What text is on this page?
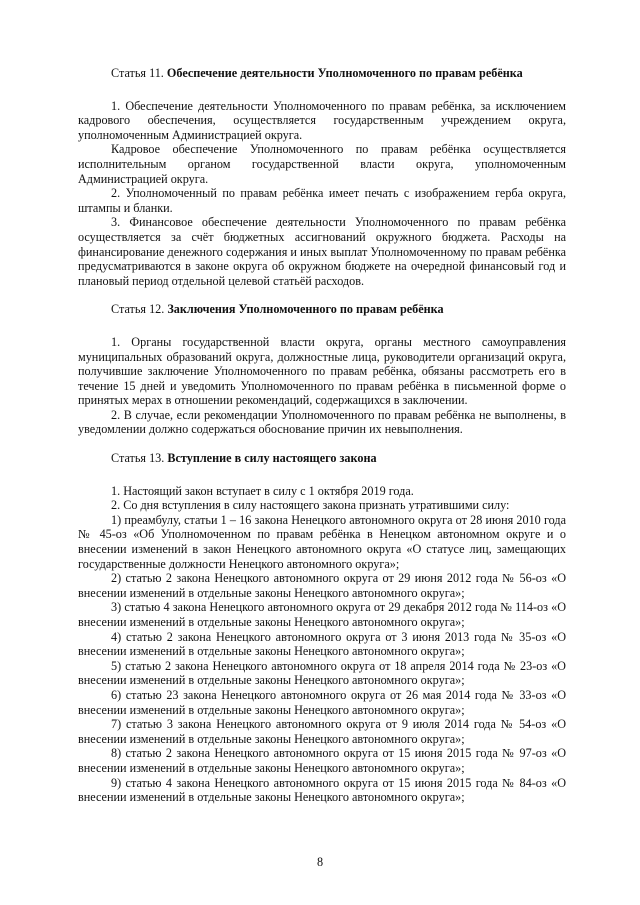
Статья 11. Обеспечение деятельности Уполномоченного по правам ребёнка

1. Обеспечение деятельности Уполномоченного по правам ребёнка, за исключением кадрового обеспечения, осуществляется государственным учреждением округа, уполномоченным Администрацией округа.

Кадровое обеспечение Уполномоченного по правам ребёнка осуществляется исполнительным органом государственной власти округа, уполномоченным Администрацией округа.

2. Уполномоченный по правам ребёнка имеет печать с изображением герба округа, штампы и бланки.

3. Финансовое обеспечение деятельности Уполномоченного по правам ребёнка осуществляется за счёт бюджетных ассигнований окружного бюджета. Расходы на финансирование денежного содержания и иных выплат Уполномоченному по правам ребёнка предусматриваются в законе округа об окружном бюджете на очередной финансовый год и плановый период отдельной целевой статьёй расходов.

Статья 12. Заключения Уполномоченного по правам ребёнка

1. Органы государственной власти округа, органы местного самоуправления муниципальных образований округа, должностные лица, руководители организаций округа, получившие заключение Уполномоченного по правам ребёнка, обязаны рассмотреть его в течение 15 дней и уведомить Уполномоченного по правам ребёнка в письменной форме о принятых мерах в отношении рекомендаций, содержащихся в заключении.

2. В случае, если рекомендации Уполномоченного по правам ребёнка не выполнены, в уведомлении должно содержаться обоснование причин их невыполнения.

Статья 13. Вступление в силу настоящего закона

1. Настоящий закон вступает в силу с 1 октября 2019 года.

2. Со дня вступления в силу настоящего закона признать утратившими силу:

1) преамбулу, статьи 1 – 16 закона Ненецкого автономного округа от 28 июня 2010 года № 45-оз «Об Уполномоченном по правам ребёнка в Ненецком автономном округе и о внесении изменений в закон Ненецкого автономного округа «О статусе лиц, замещающих государственные должности Ненецкого автономного округа»;

2) статью 2 закона Ненецкого автономного округа от 29 июня 2012 года № 56-оз «О внесении изменений в отдельные законы Ненецкого автономного округа»;

3) статью 4 закона Ненецкого автономного округа от 29 декабря 2012 года № 114-оз «О внесении изменений в отдельные законы Ненецкого автономного округа»;

4) статью 2 закона Ненецкого автономного округа от 3 июня 2013 года № 35-оз «О внесении изменений в отдельные законы Ненецкого автономного округа»;

5) статью 2 закона Ненецкого автономного округа от 18 апреля 2014 года № 23-оз «О внесении изменений в отдельные законы Ненецкого автономного округа»;

6) статью 23 закона Ненецкого автономного округа от 26 мая 2014 года № 33-оз «О внесении изменений в отдельные законы Ненецкого автономного округа»;

7) статью 3 закона Ненецкого автономного округа от 9 июля 2014 года № 54-оз «О внесении изменений в отдельные законы Ненецкого автономного округа»;

8) статью 2 закона Ненецкого автономного округа от 15 июня 2015 года № 97-оз «О внесении изменений в отдельные законы Ненецкого автономного округа»;

9) статью 4 закона Ненецкого автономного округа от 15 июня 2015 года № 84-оз «О внесении изменений в отдельные законы Ненецкого автономного округа»;

8
